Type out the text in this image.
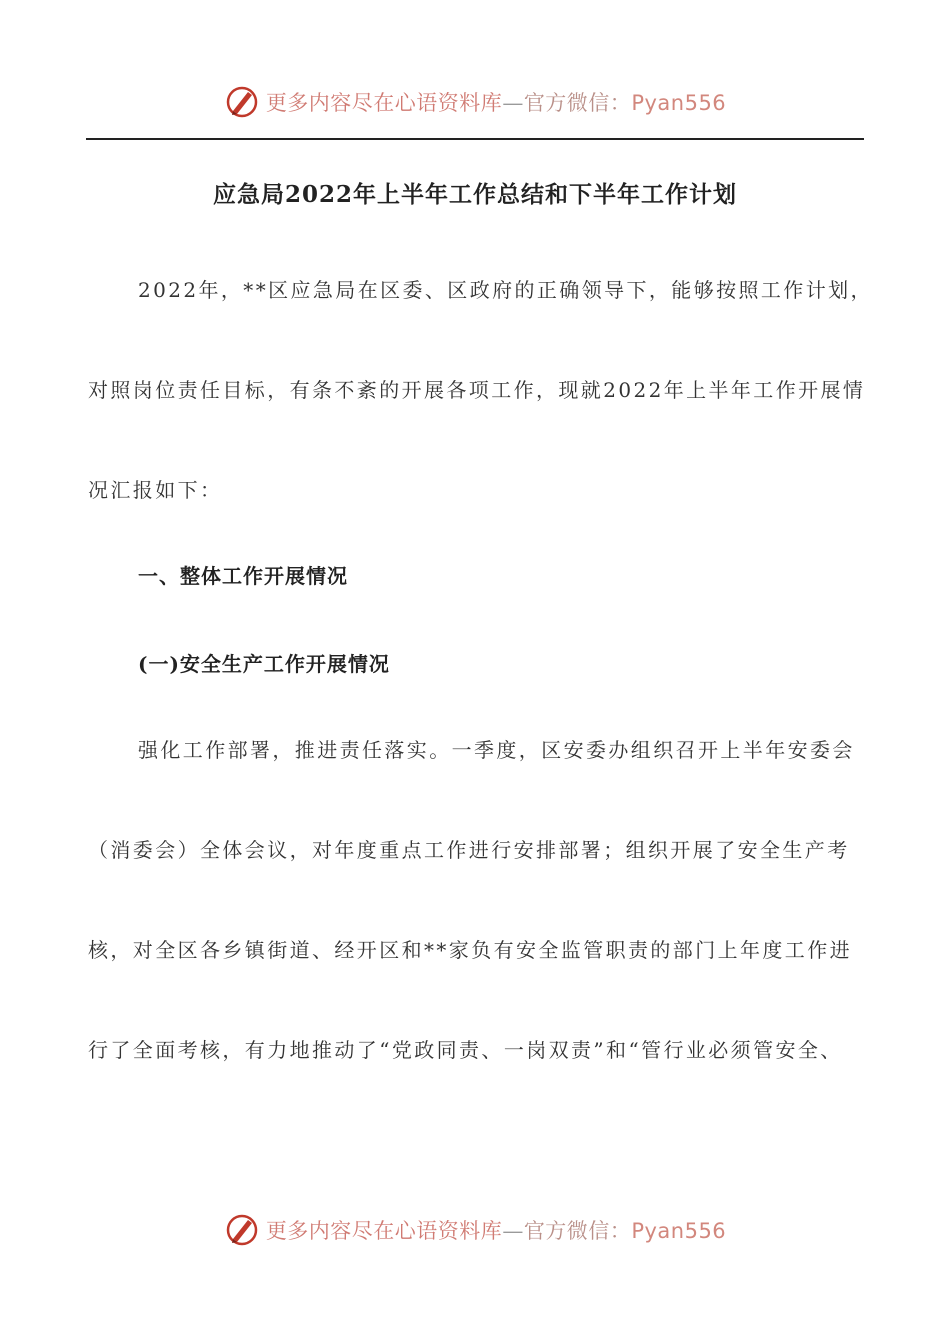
更多内容尽在心语资料库—官方微信：Pyan556
应急局2022年上半年工作总结和下半年工作计划
2022年，**区应急局在区委、区政府的正确领导下，能够按照工作计划，
对照岗位责任目标，有条不紊的开展各项工作，现就2022年上半年工作开展情
况汇报如下：
一、整体工作开展情况
(一)安全生产工作开展情况
强化工作部署，推进责任落实。一季度，区安委办组织召开上半年安委会
（消委会）全体会议，对年度重点工作进行安排部署；组织开展了安全生产考
核，对全区各乡镇街道、经开区和**家负有安全监管职责的部门上年度工作进
行了全面考核，有力地推动了“党政同责、一岗双责”和“管行业必须管安全、
更多内容尽在心语资料库—官方微信：Pyan556
